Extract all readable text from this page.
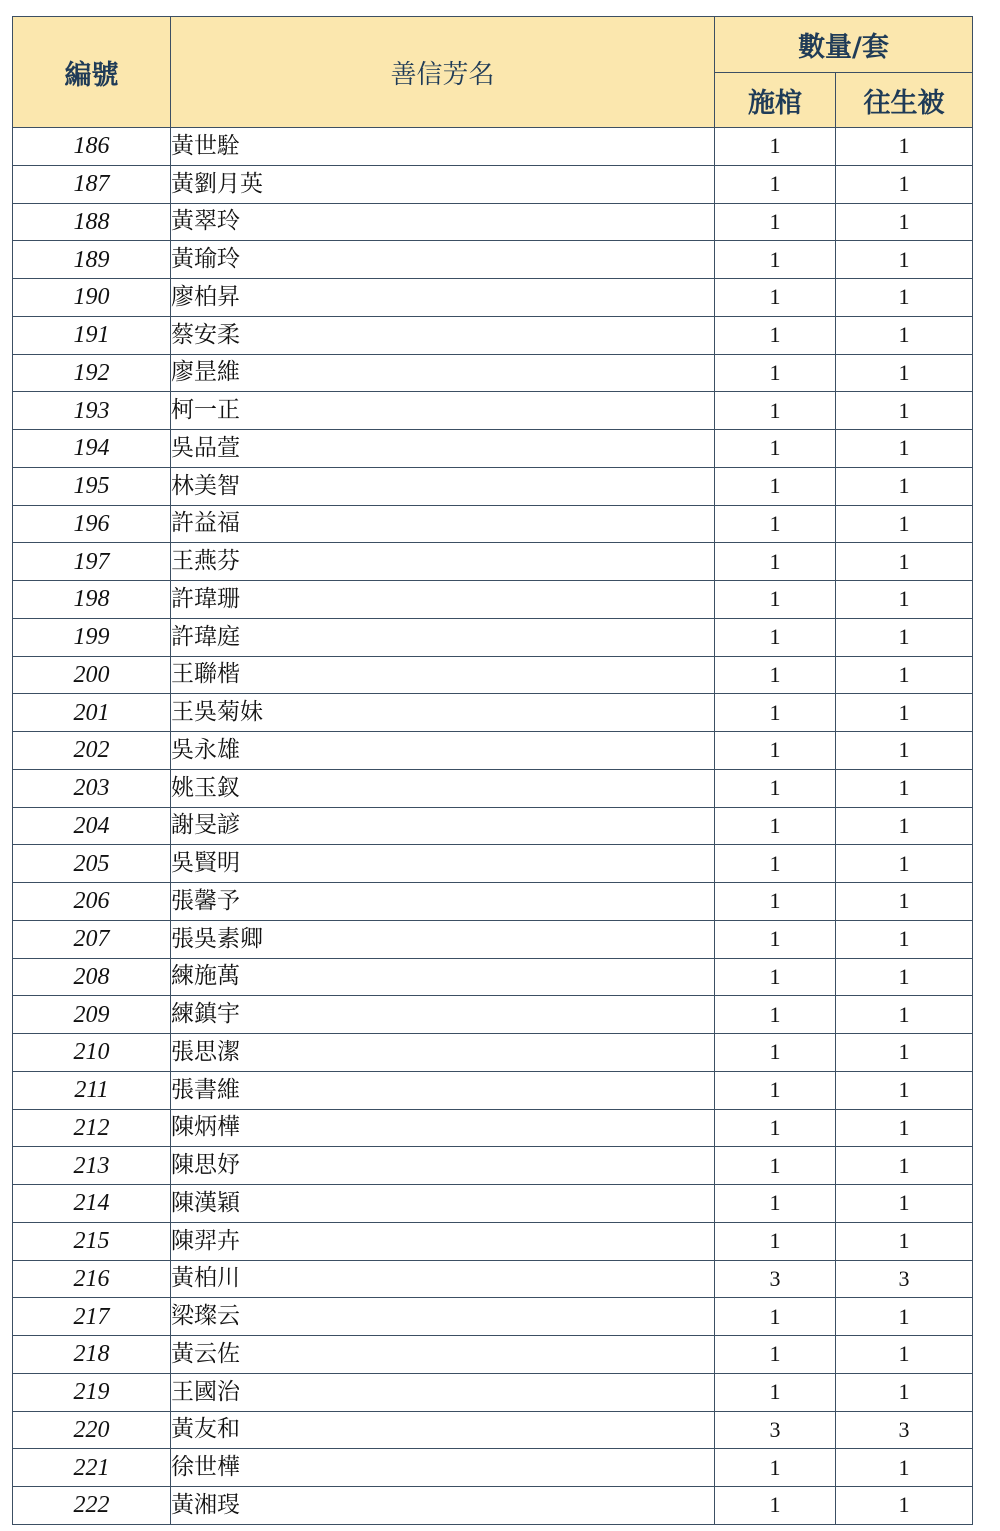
編號	善信芳名	數量/套	
		施棺	往生被
186	黃世駩	1	1
187	黃劉月英	1	1
188	黃翠玲	1	1
189	黃瑜玲	1	1
190	廖柏昇	1	1
191	蔡安柔	1	1
192	廖昰維	1	1
193	柯一正	1	1
194	吳品萱	1	1
195	林美智	1	1
196	許益福	1	1
197	王燕芬	1	1
198	許瑋珊	1	1
199	許瑋庭	1	1
200	王聯楷	1	1
201	王吳菊妹	1	1
202	吳永雄	1	1
203	姚玉釵	1	1
204	謝旻諺	1	1
205	吳賢明	1	1
206	張馨予	1	1
207	張吳素卿	1	1
208	練施萬	1	1
209	練鎮宇	1	1
210	張思潔	1	1
211	張書維	1	1
212	陳炳樺	1	1
213	陳思妤	1	1
214	陳漢穎	1	1
215	陳羿卉	1	1
216	黃柏川	3	3
217	梁璨云	1	1
218	黃云佐	1	1
219	王國治	1	1
220	黃友和	3	3
221	徐世樺	1	1
222	黃湘琝	1	1
